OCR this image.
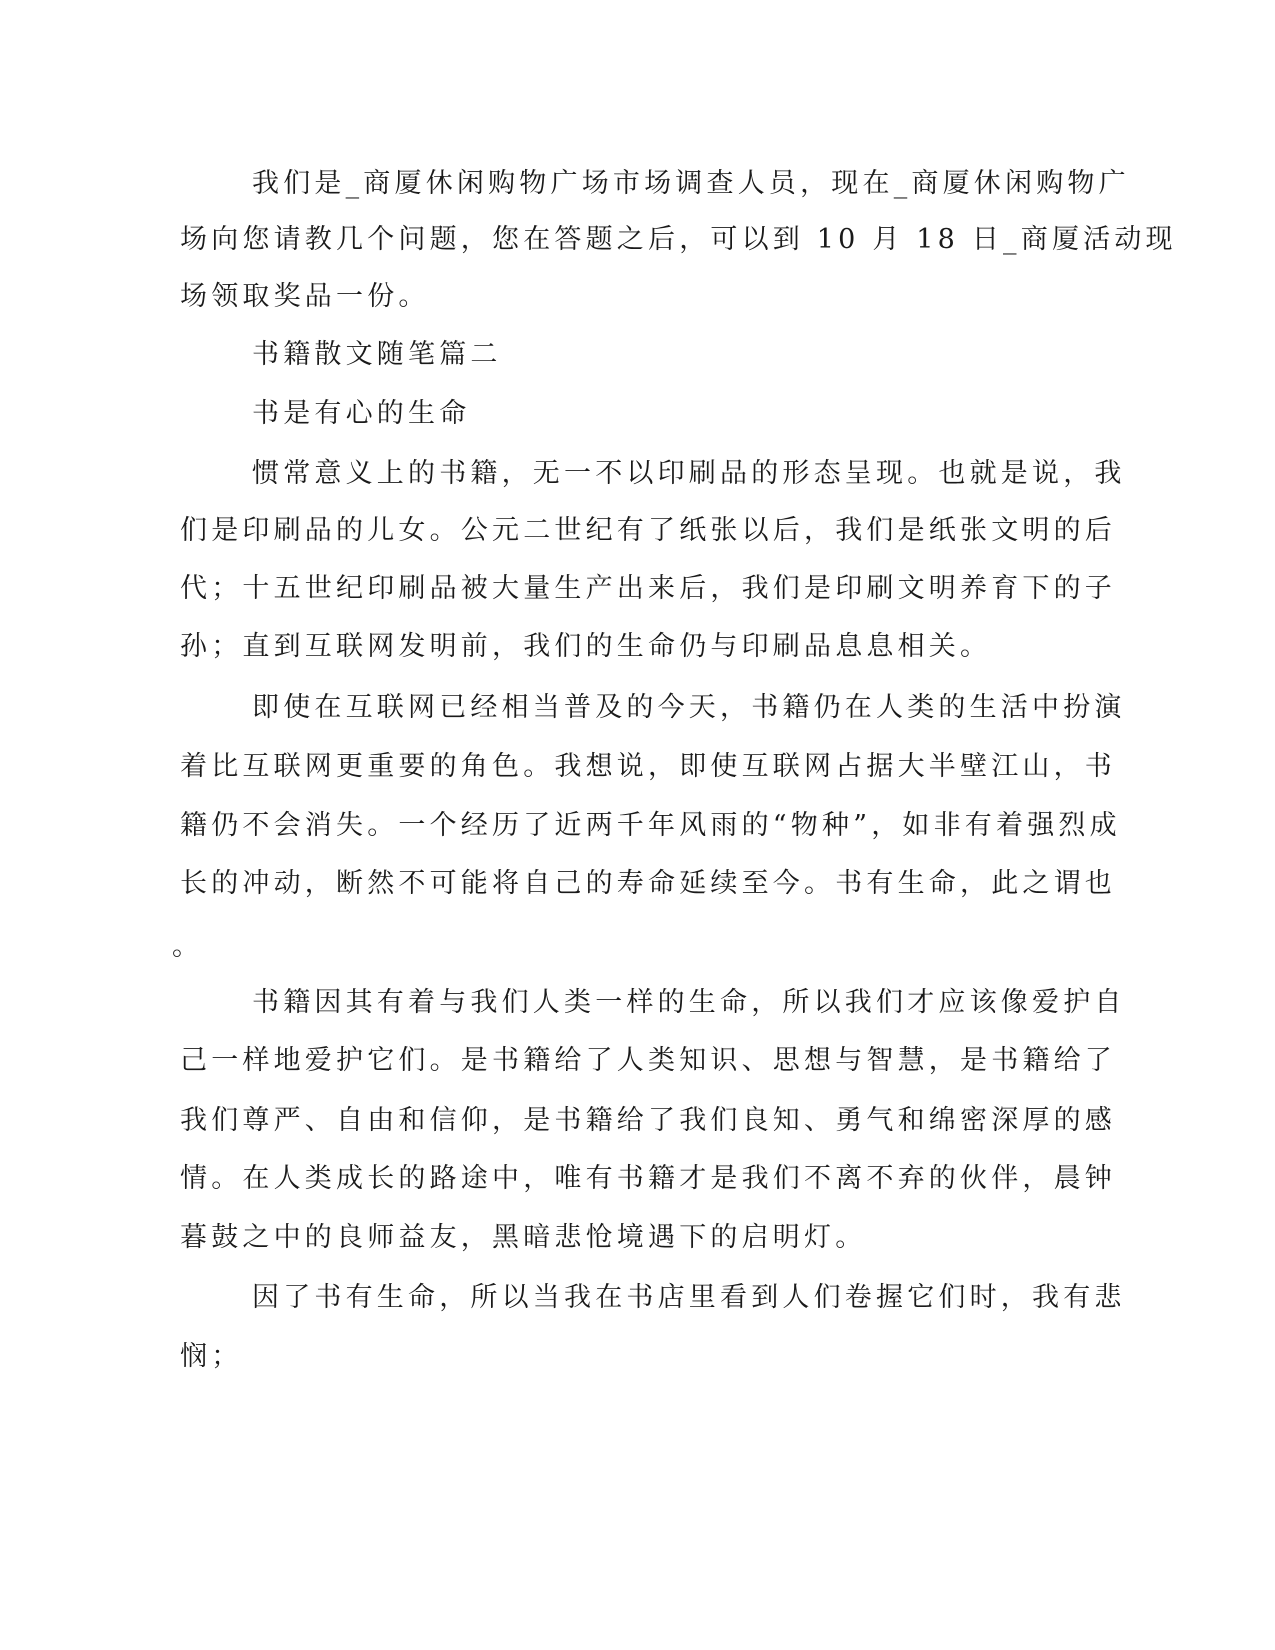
我们是_商厦休闲购物广场市场调查人员，现在_商厦休闲购物广
场向您请教几个问题，您在答题之后，可以到 10 月 18 日_商厦活动现
场领取奖品一份。
书籍散文随笔篇二
书是有心的生命
惯常意义上的书籍，无一不以印刷品的形态呈现。也就是说，我
们是印刷品的儿女。公元二世纪有了纸张以后，我们是纸张文明的后
代；十五世纪印刷品被大量生产出来后，我们是印刷文明养育下的子
孙；直到互联网发明前，我们的生命仍与印刷品息息相关。
即使在互联网已经相当普及的今天，书籍仍在人类的生活中扮演
着比互联网更重要的角色。我想说，即使互联网占据大半壁江山，书
籍仍不会消失。一个经历了近两千年风雨的“物种”，如非有着强烈成
长的冲动，断然不可能将自己的寿命延续至今。书有生命，此之谓也
。
书籍因其有着与我们人类一样的生命，所以我们才应该像爱护自
己一样地爱护它们。是书籍给了人类知识、思想与智慧，是书籍给了
我们尊严、自由和信仰，是书籍给了我们良知、勇气和绵密深厚的感
情。在人类成长的路途中，唯有书籍才是我们不离不弃的伙伴，晨钟
暮鼓之中的良师益友，黑暗悲怆境遇下的启明灯。
因了书有生命，所以当我在书店里看到人们卷握它们时，我有悲
悯；
